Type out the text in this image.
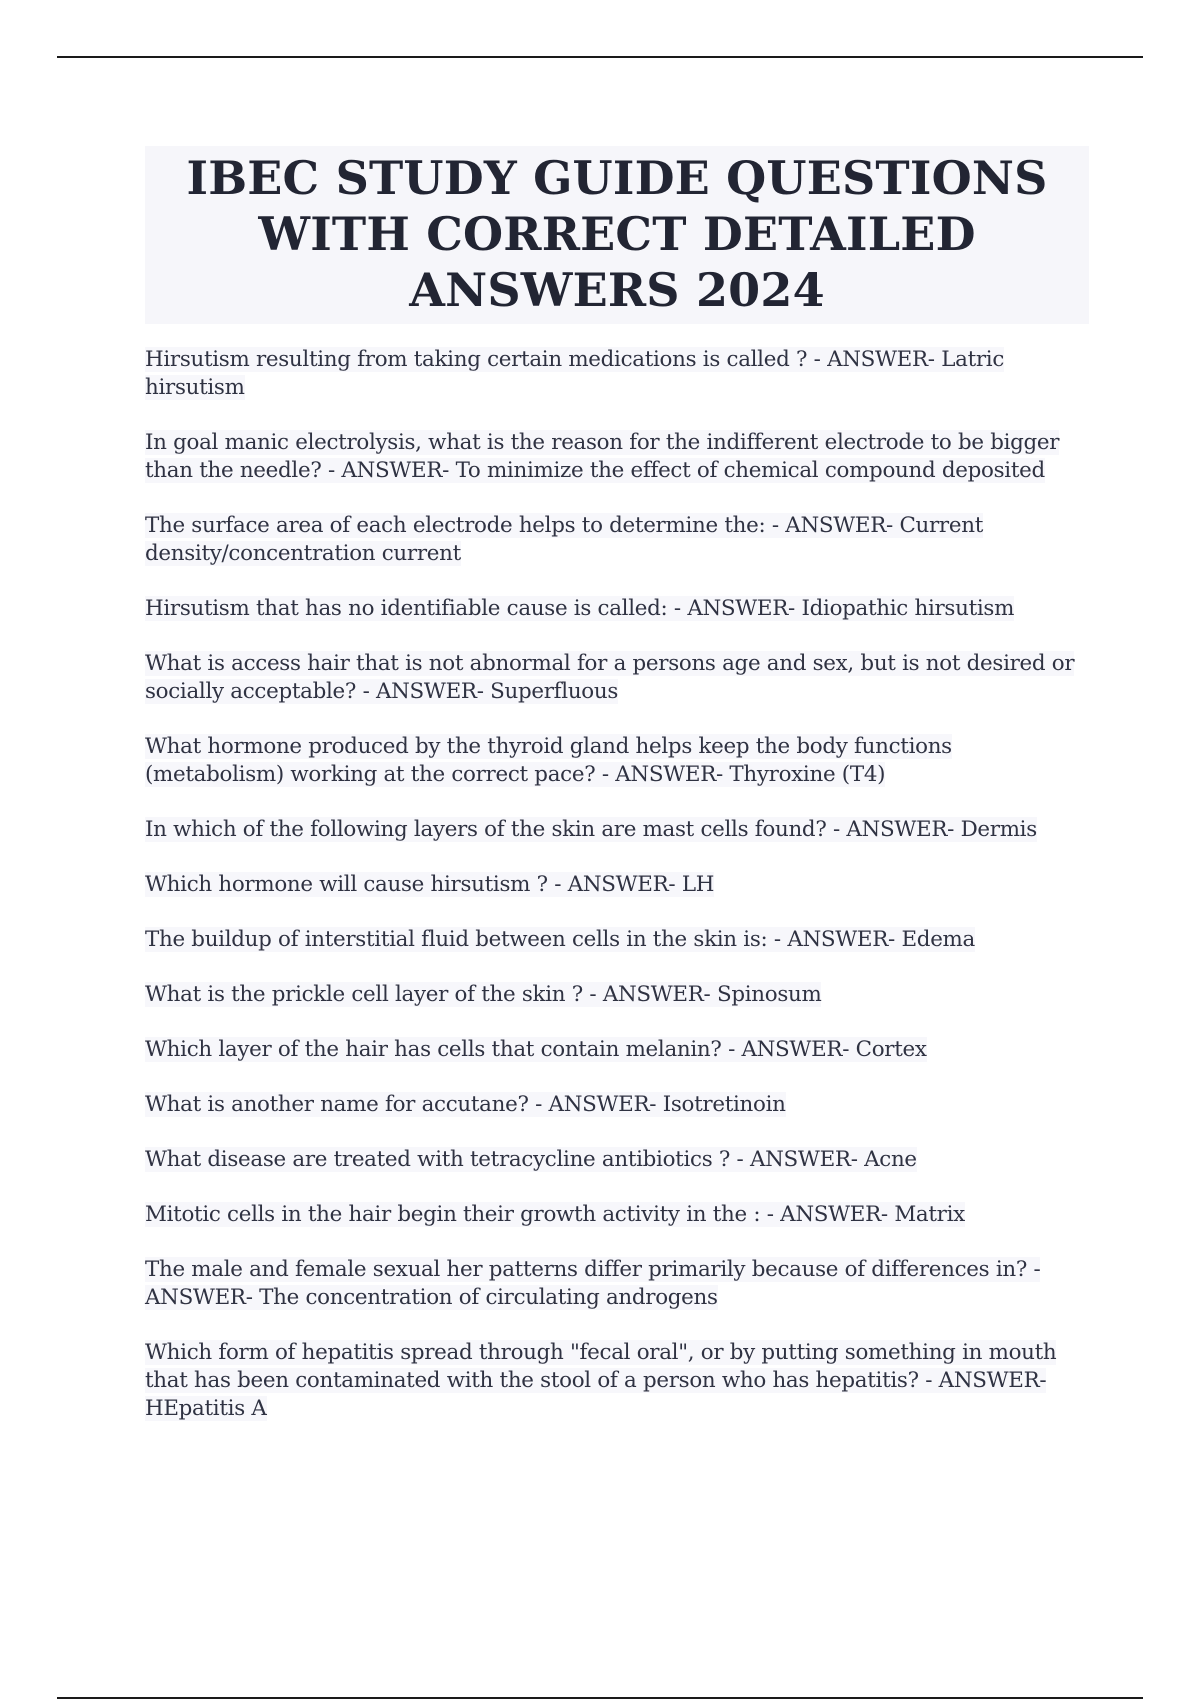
IBEC STUDY GUIDE QUESTIONS WITH CORRECT DETAILED ANSWERS 2024
Hirsutism resulting from taking certain medications is called ? - ANSWER- Latric hirsutism
In goal manic electrolysis, what is the reason for the indifferent electrode to be bigger than the needle? - ANSWER- To minimize the effect of chemical compound deposited
The surface area of each electrode helps to determine the: - ANSWER- Current density/concentration current
Hirsutism that has no identifiable cause is called: - ANSWER- Idiopathic hirsutism
What is access hair that is not abnormal for a persons age and sex, but is not desired or socially acceptable? - ANSWER- Superfluous
What hormone produced by the thyroid gland helps keep the body functions (metabolism) working at the correct pace? - ANSWER- Thyroxine (T4)
In which of the following layers of the skin are mast cells found? - ANSWER- Dermis
Which hormone will cause hirsutism ? - ANSWER- LH
The buildup of interstitial fluid between cells in the skin is: - ANSWER- Edema
What is the prickle cell layer of the skin ? - ANSWER- Spinosum
Which layer of the hair has cells that contain melanin? - ANSWER- Cortex
What is another name for accutane? - ANSWER- Isotretinoin
What disease are treated with tetracycline antibiotics ? - ANSWER- Acne
Mitotic cells in the hair begin their growth activity in the : - ANSWER- Matrix
The male and female sexual her patterns differ primarily because of differences in? - ANSWER- The concentration of circulating androgens
Which form of hepatitis spread through "fecal oral", or by putting something in mouth that has been contaminated with the stool of a person who has hepatitis? - ANSWER- HEpatitis A
